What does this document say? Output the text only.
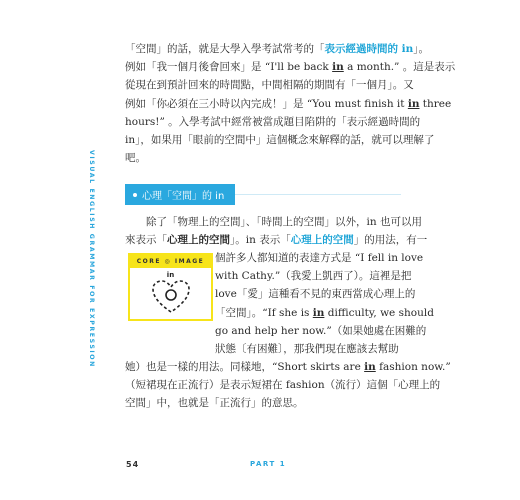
VISUAL ENGLISH GRAMMAR FOR EXPRESSION
「空間」的話，就是大學入學考試常考的「表示經過時間的 in」。
例如「我一個月後會回來」是 “I'll be back in a month.” 。這是表示
從現在到預計回來的時間點，中間相隔的期間有「一個月」。又
例如「你必須在三小時以內完成！」是 “You must finish it in three
hours!” 。入學考試中經常被當成題目陷阱的「表示經過時間的
in」，如果用「眼前的空間中」這個概念來解釋的話，就可以理解了
吧。
心理「空間」的 in
除了「物理上的空間」、「時間上的空間」以外，in 也可以用
來表示「心理上的空間」。in 表示「心理上的空間」的用法，有一
CORE ◎ IMAGE
in
個許多人都知道的表達方式是 “I fell in love
with Cathy.”（我愛上凱西了）。這裡是把
love「愛」這種看不見的東西當成心理上的
「空間」。“If she is in difficulty, we should
go and help her now.”（如果她處在困難的
狀態〔有困難〕，那我們現在應該去幫助
她）也是一樣的用法。同樣地，“Short skirts are in fashion now.”
（短裙現在正流行）是表示短裙在 fashion（流行）這個「心理上的
空間」中，也就是「正流行」的意思。
54	PART 1
